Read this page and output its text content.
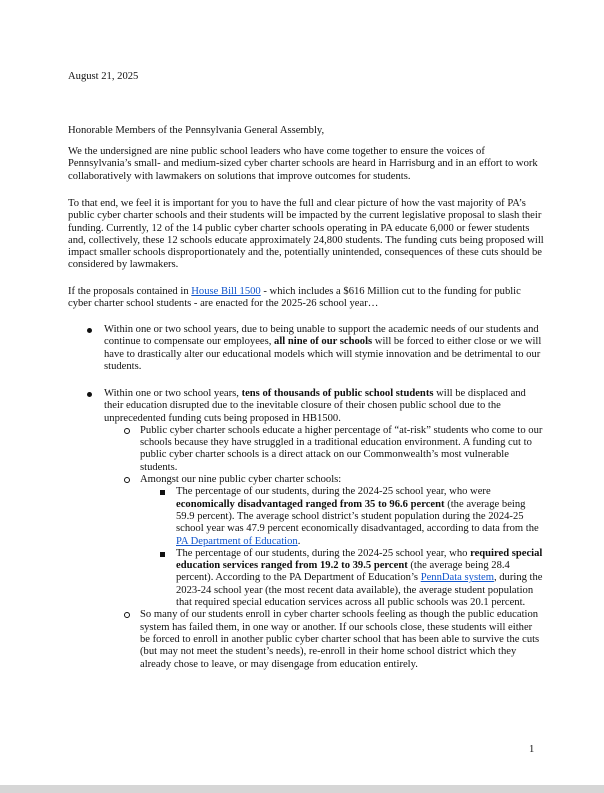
August 21, 2025

Honorable Members of the Pennsylvania General Assembly,

We the undersigned are nine public school leaders who have come together to ensure the voices of Pennsylvania’s small- and medium-sized cyber charter schools are heard in Harrisburg and in an effort to work collaboratively with lawmakers on solutions that improve outcomes for students.

To that end, we feel it is important for you to have the full and clear picture of how the vast majority of PA’s public cyber charter schools and their students will be impacted by the current legislative proposal to slash their funding. Currently, 12 of the 14 public cyber charter schools operating in PA educate 6,000 or fewer students and, collectively, these 12 schools educate approximately 24,800 students. The funding cuts being proposed will impact smaller schools disproportionately and the, potentially unintended, consequences of these cuts should be considered by lawmakers.

If the proposals contained in House Bill 1500 - which includes a $616 Million cut to the funding for public cyber charter school students - are enacted for the 2025-26 school year…

Within one or two school years, due to being unable to support the academic needs of our students and continue to compensate our employees, all nine of our schools will be forced to either close or we will have to drastically alter our educational models which will stymie innovation and be detrimental to our students.

Within one or two school years, tens of thousands of public school students will be displaced and their education disrupted due to the inevitable closure of their chosen public school due to the unprecedented funding cuts being proposed in HB1500.

Public cyber charter schools educate a higher percentage of “at-risk” students who come to our schools because they have struggled in a traditional education environment. A funding cut to public cyber charter schools is a direct attack on our Commonwealth’s most vulnerable students.

Amongst our nine public cyber charter schools:

The percentage of our students, during the 2024-25 school year, who were economically disadvantaged ranged from 35 to 96.6 percent (the average being 59.9 percent). The average school district’s student population during the 2024-25 school year was 47.9 percent economically disadvantaged, according to data from the PA Department of Education.

The percentage of our students, during the 2024-25 school year, who required special education services ranged from 19.2 to 39.5 percent (the average being 28.4 percent). According to the PA Department of Education’s PennData system, during the 2023-24 school year (the most recent data available), the average student population that required special education services across all public schools was 20.1 percent.

So many of our students enroll in cyber charter schools feeling as though the public education system has failed them, in one way or another. If our schools close, these students will either be forced to enroll in another public cyber charter school that has been able to survive the cuts (but may not meet the student’s needs), re-enroll in their home school district which they already chose to leave, or may disengage from education entirely.

1
